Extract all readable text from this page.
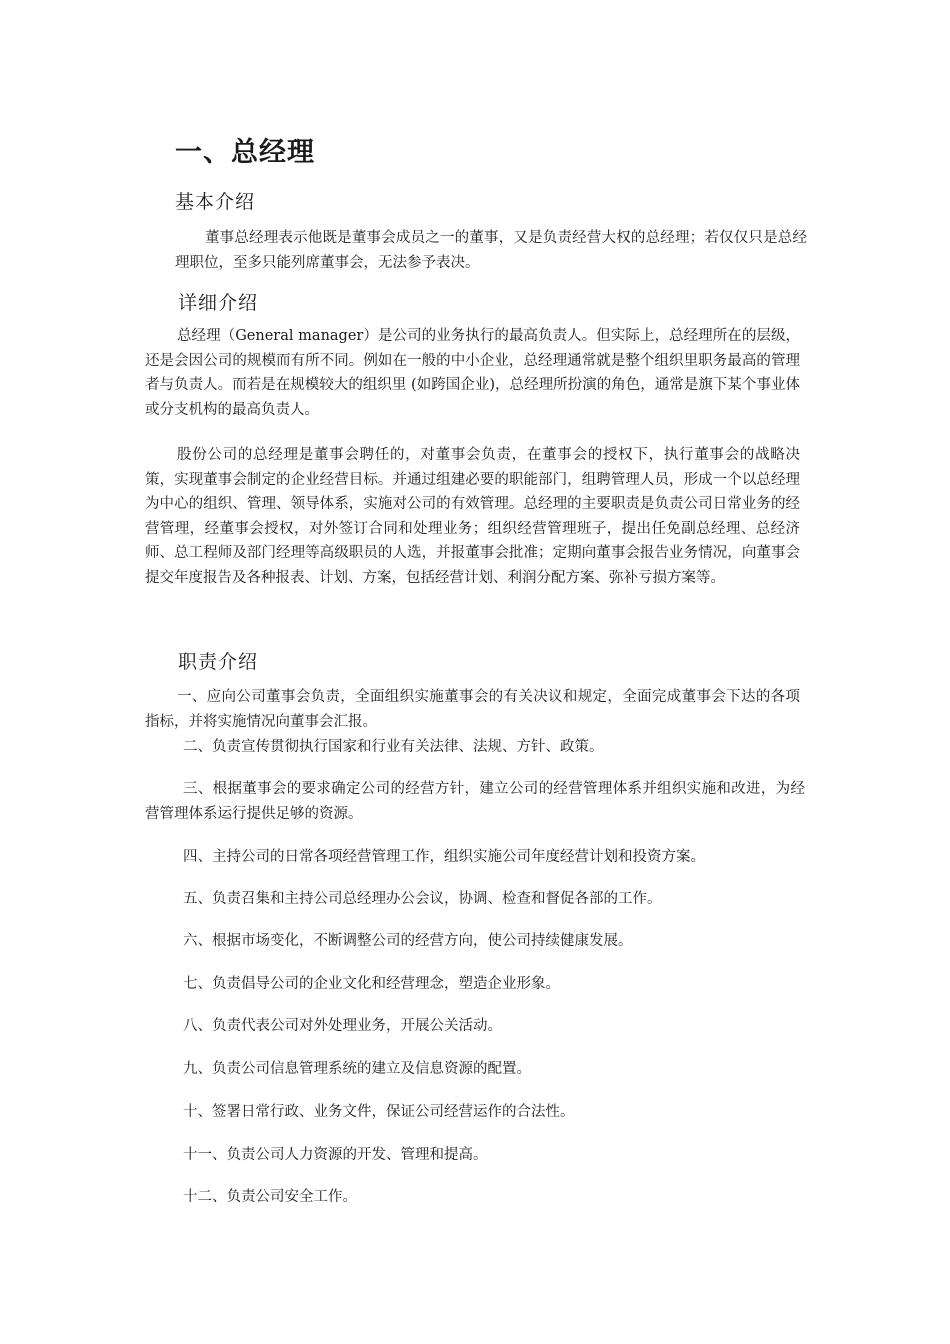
一、总经理
基本介绍

董事总经理表示他既是董事会成员之一的董事，又是负责经营大权的总经理；若仅仅只是总经理职位，至多只能列席董事会，无法参予表决。

详细介绍

总经理（General manager）是公司的业务执行的最高负责人。但实际上，总经理所在的层级，还是会因公司的规模而有所不同。例如在一般的中小企业，总经理通常就是整个组织里职务最高的管理者与负责人。而若是在规模较大的组织里 (如跨国企业)，总经理所扮演的角色，通常是旗下某个事业体或分支机构的最高负责人。

股份公司的总经理是董事会聘任的，对董事会负责，在董事会的授权下，执行董事会的战略决策，实现董事会制定的企业经营目标。并通过组建必要的职能部门，组聘管理人员，形成一个以总经理为中心的组织、管理、领导体系，实施对公司的有效管理。总经理的主要职责是负责公司日常业务的经营管理，经董事会授权，对外签订合同和处理业务；组织经营管理班子，提出任免副总经理、总经济师、总工程师及部门经理等高级职员的人选，并报董事会批准；定期向董事会报告业务情况，向董事会提交年度报告及各种报表、计划、方案，包括经营计划、利润分配方案、弥补亏损方案等。

职责介绍

一、应向公司董事会负责，全面组织实施董事会的有关决议和规定，全面完成董事会下达的各项指标，并将实施情况向董事会汇报。

二、负责宣传贯彻执行国家和行业有关法律、法规、方针、政策。

三、根据董事会的要求确定公司的经营方针，建立公司的经营管理体系并组织实施和改进，为经营管理体系运行提供足够的资源。

四、主持公司的日常各项经营管理工作，组织实施公司年度经营计划和投资方案。

五、负责召集和主持公司总经理办公会议，协调、检查和督促各部的工作。

六、根据市场变化，不断调整公司的经营方向，使公司持续健康发展。

七、负责倡导公司的企业文化和经营理念，塑造企业形象。

八、负责代表公司对外处理业务，开展公关活动。

九、负责公司信息管理系统的建立及信息资源的配置。

十、签署日常行政、业务文件，保证公司经营运作的合法性。

十一、负责公司人力资源的开发、管理和提高。

十二、负责公司安全工作。
